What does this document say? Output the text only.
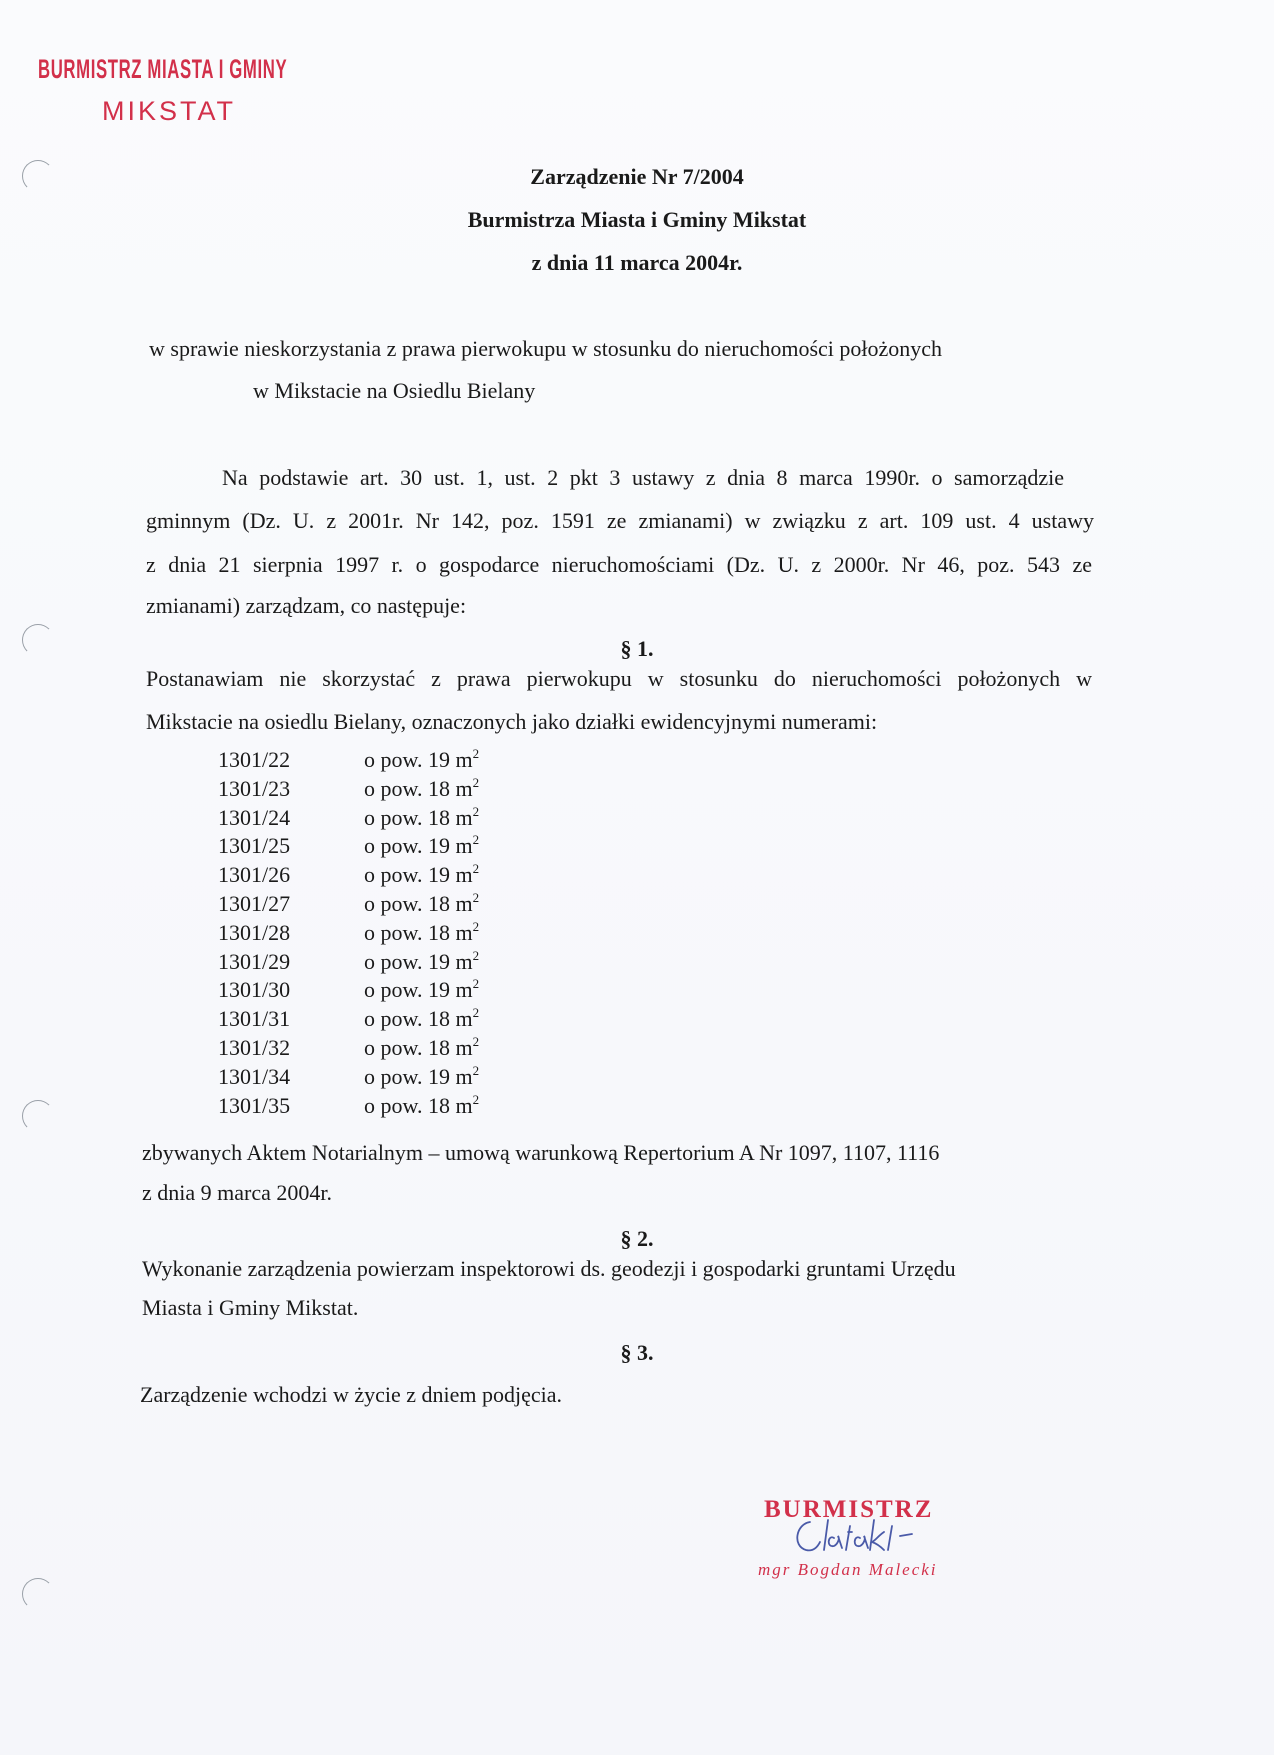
BURMISTRZ MIASTA I GMINY
MIKSTAT
Zarządzenie Nr 7/2004
Burmistrza Miasta i Gminy Mikstat
z dnia 11 marca 2004r.
w sprawie nieskorzystania z prawa pierwokupu w stosunku do nieruchomości położonych
w Mikstacie na Osiedlu Bielany
Na podstawie art. 30 ust. 1, ust. 2 pkt 3 ustawy z dnia 8 marca 1990r. o samorządzie
gminnym (Dz. U. z 2001r. Nr 142, poz. 1591 ze zmianami) w związku z art. 109 ust. 4 ustawy
z dnia 21 sierpnia 1997 r. o gospodarce nieruchomościami (Dz. U. z 2000r. Nr 46, poz. 543 ze
zmianami) zarządzam, co następuje:
§ 1.
Postanawiam nie skorzystać z prawa pierwokupu w stosunku do nieruchomości położonych w
Mikstacie na osiedlu Bielany, oznaczonych jako działki ewidencyjnymi numerami:
1301/22	o pow. 19 $m^2$
1301/23	o pow. 18 $m^2$
1301/24	o pow. 18 $m^2$
1301/25	o pow. 19 $m^2$
1301/26	o pow. 19 $m^2$
1301/27	o pow. 18 $m^2$
1301/28	o pow. 18 $m^2$
1301/29	o pow. 19 $m^2$
1301/30	o pow. 19 $m^2$
1301/31	o pow. 18 $m^2$
1301/32	o pow. 18 $m^2$
1301/34	o pow. 19 $m^2$
1301/35	o pow. 18 $m^2$
zbywanych Aktem Notarialnym – umową warunkową Repertorium A Nr 1097, 1107, 1116
z dnia 9 marca 2004r.
§ 2.
Wykonanie zarządzenia powierzam inspektorowi ds. geodezji i gospodarki gruntami Urzędu
Miasta i Gminy Mikstat.
§ 3.
Zarządzenie wchodzi w życie z dniem podjęcia.
BURMISTRZ
mgr Bogdan Malecki
